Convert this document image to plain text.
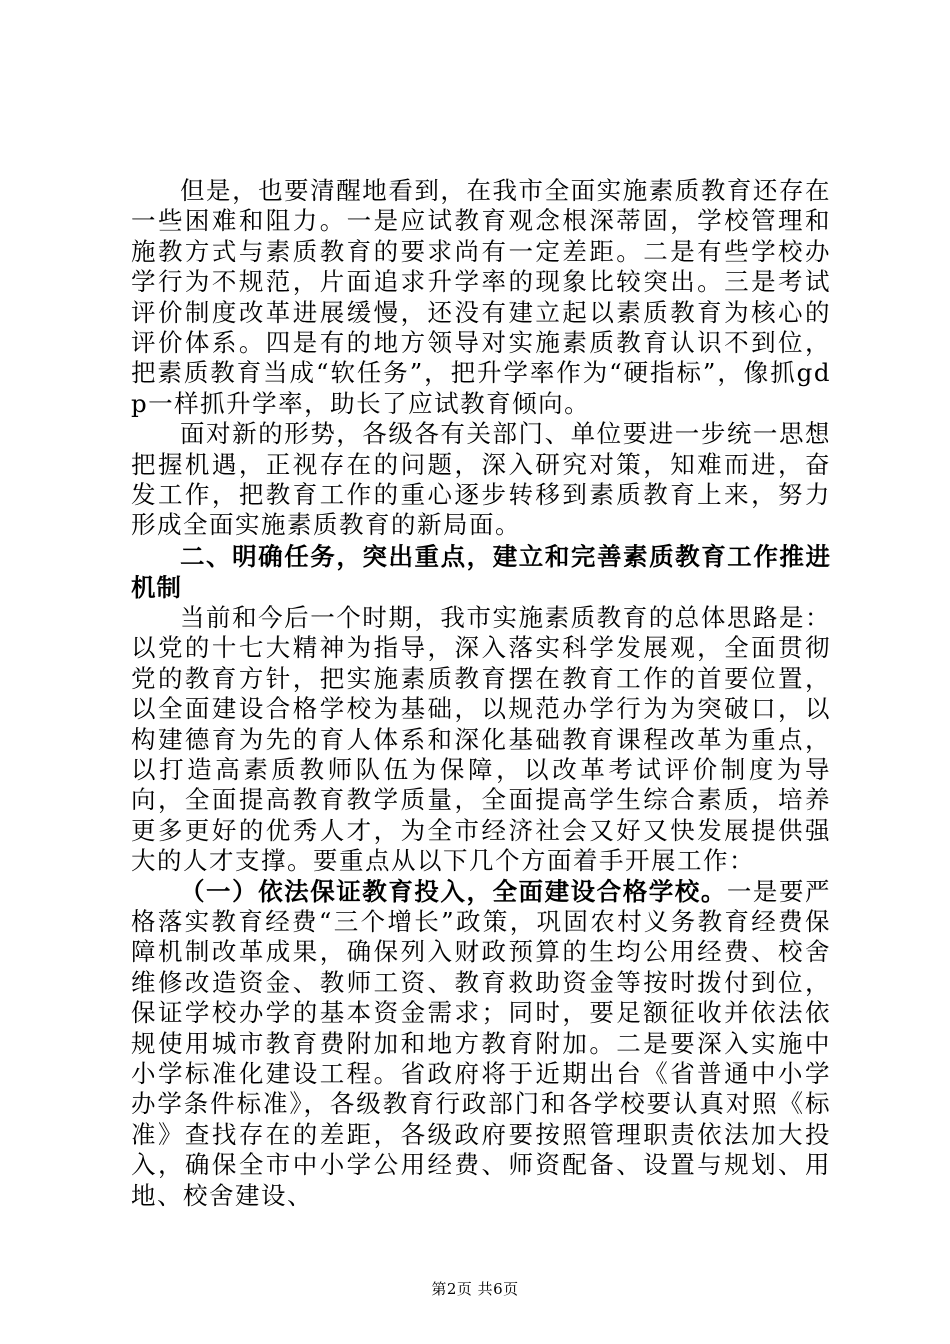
但是，也要清醒地看到，在我市全面实施素质教育还存在一些困难和阻力。一是应试教育观念根深蒂固，学校管理和施教方式与素质教育的要求尚有一定差距。二是有些学校办学行为不规范，片面追求升学率的现象比较突出。三是考试评价制度改革进展缓慢，还没有建立起以素质教育为核心的评价体系。四是有的地方领导对实施素质教育认识不到位，把素质教育当成“软任务”，把升学率作为“硬指标”，像抓gdp一样抓升学率，助长了应试教育倾向。

面对新的形势，各级各有关部门、单位要进一步统一思想把握机遇，正视存在的问题，深入研究对策，知难而进，奋发工作，把教育工作的重心逐步转移到素质教育上来，努力形成全面实施素质教育的新局面。

二、明确任务，突出重点，建立和完善素质教育工作推进机制

当前和今后一个时期，我市实施素质教育的总体思路是：以党的十七大精神为指导，深入落实科学发展观，全面贯彻党的教育方针，把实施素质教育摆在教育工作的首要位置，以全面建设合格学校为基础，以规范办学行为为突破口，以构建德育为先的育人体系和深化基础教育课程改革为重点，以打造高素质教师队伍为保障，以改革考试评价制度为导向，全面提高教育教学质量，全面提高学生综合素质，培养更多更好的优秀人才，为全市经济社会又好又快发展提供强大的人才支撑。要重点从以下几个方面着手开展工作：

（一）依法保证教育投入，全面建设合格学校。一是要严格落实教育经费“三个增长”政策，巩固农村义务教育经费保障机制改革成果，确保列入财政预算的生均公用经费、校舍维修改造资金、教师工资、教育救助资金等按时拨付到位，保证学校办学的基本资金需求；同时，要足额征收并依法依规使用城市教育费附加和地方教育附加。二是要深入实施中小学标准化建设工程。省政府将于近期出台《省普通中小学办学条件标准》，各级教育行政部门和各学校要认真对照《标准》查找存在的差距，各级政府要按照管理职责依法加大投入，确保全市中小学公用经费、师资配备、设置与规划、用地、校舍建设、

第2页 共6页
